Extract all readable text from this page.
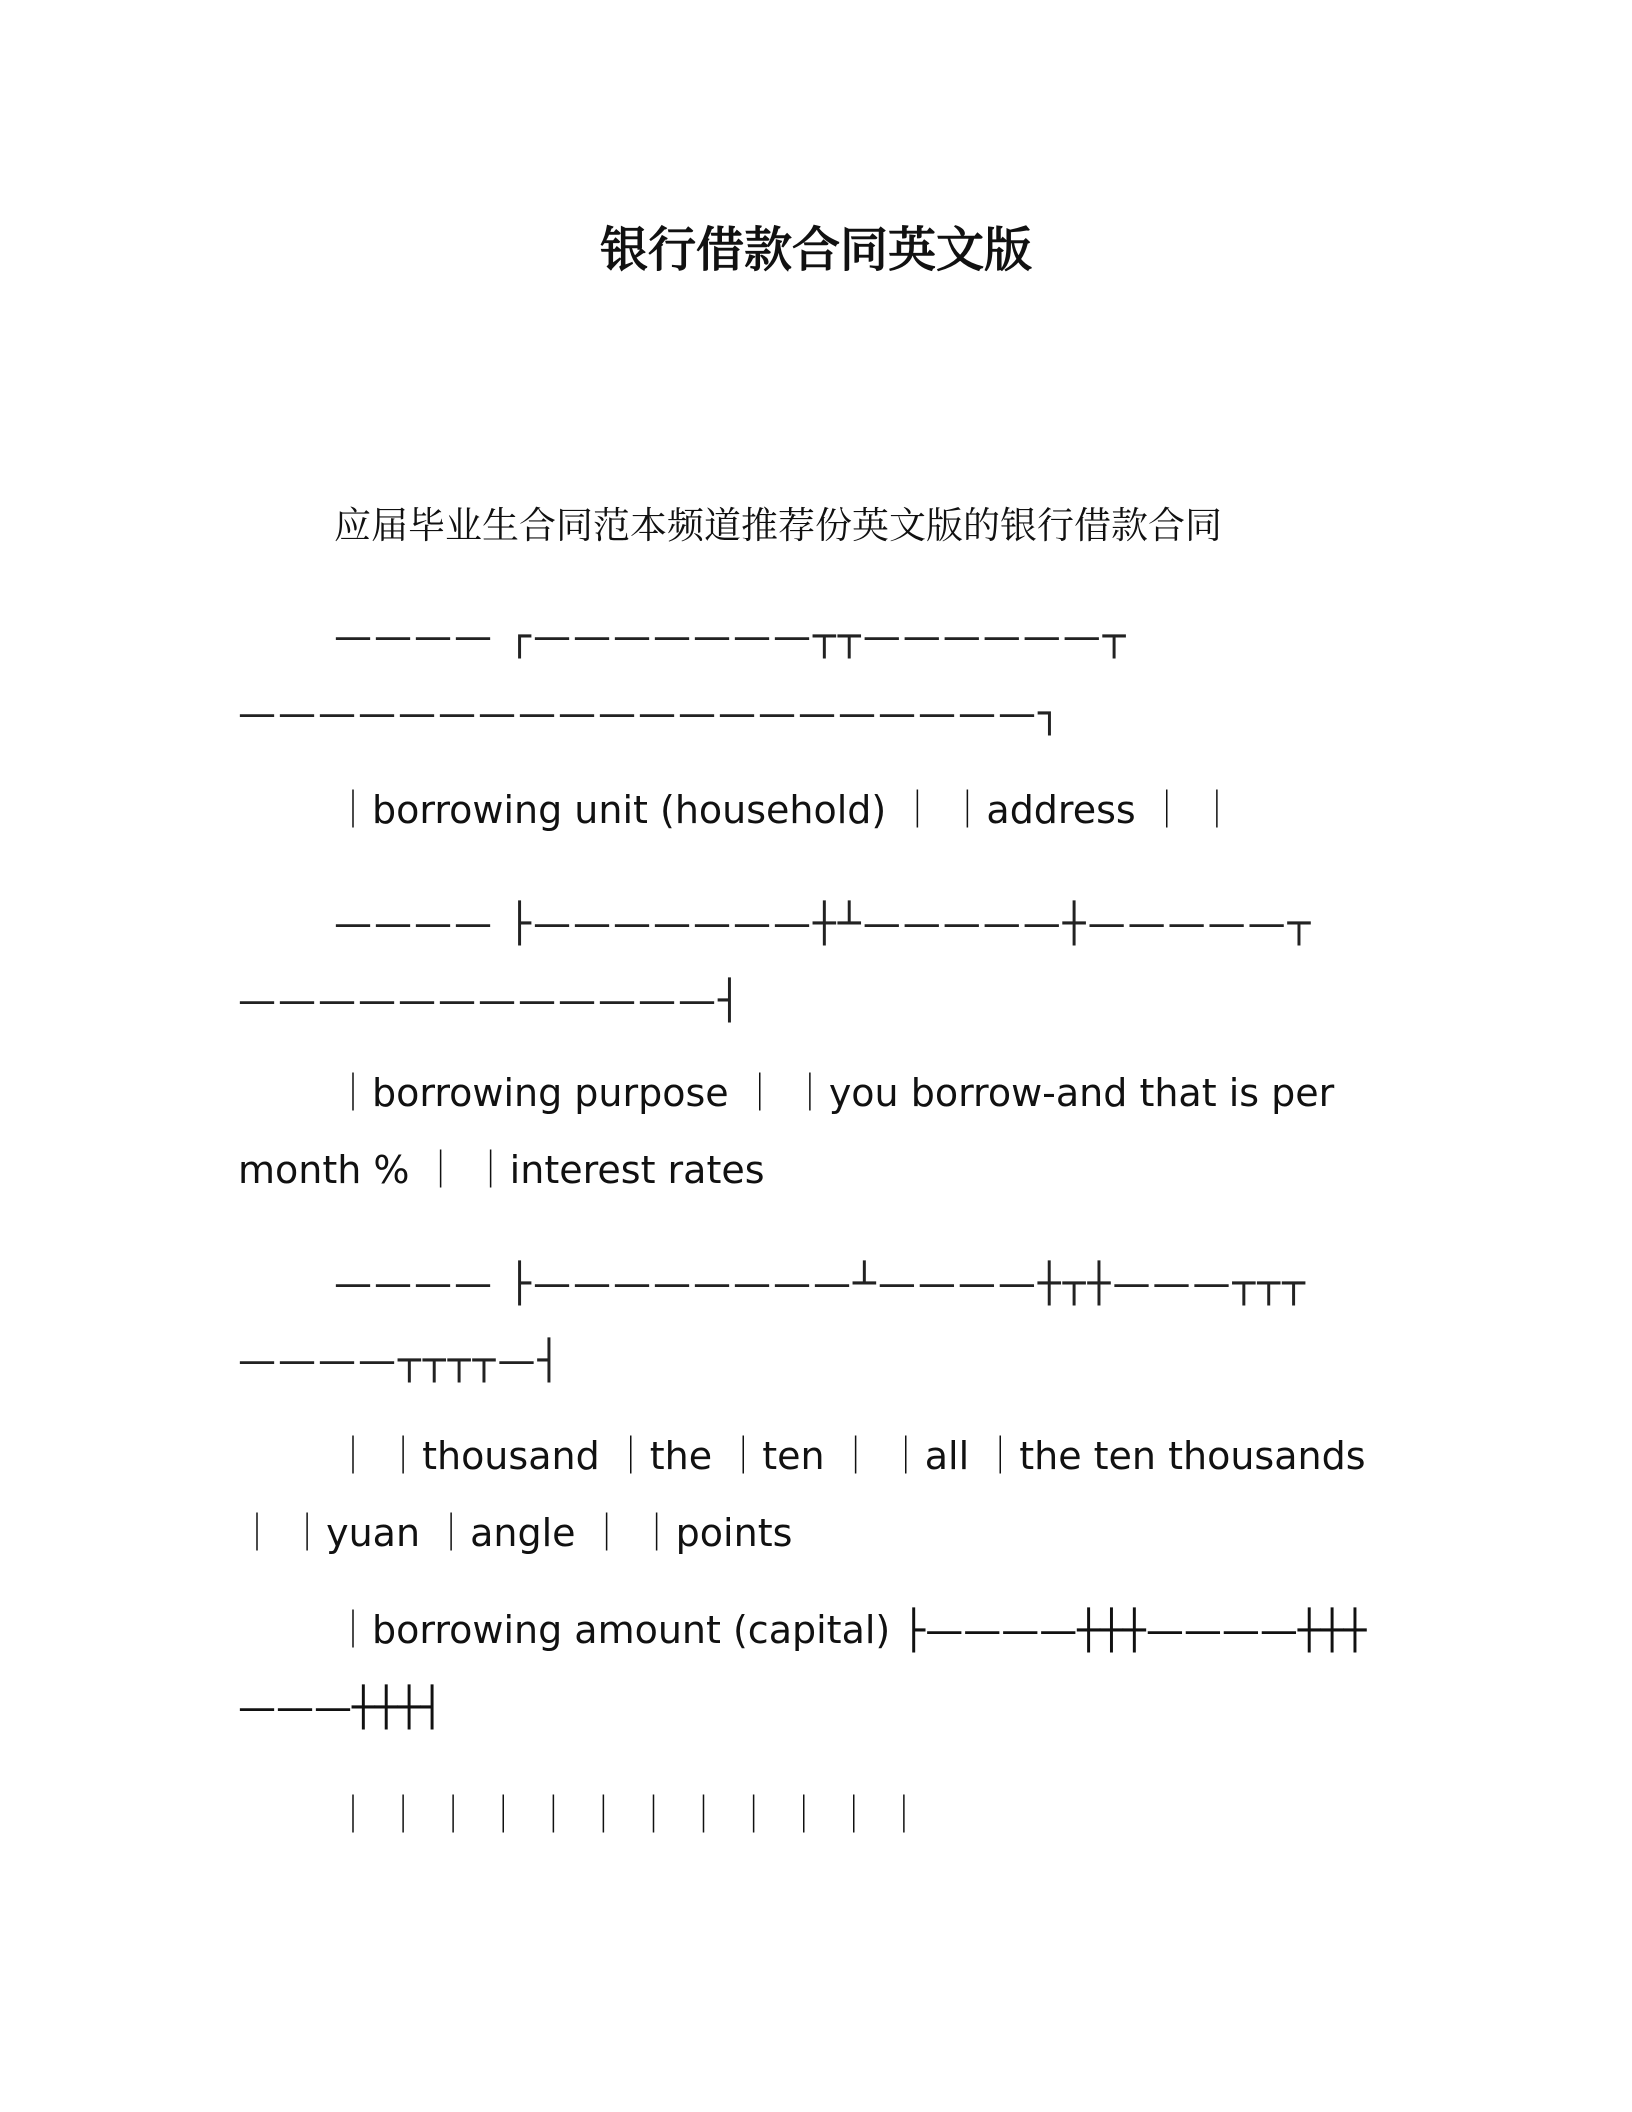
银行借款合同英文版

应届毕业生合同范本频道推荐份英文版的银行借款合同

———— ┌———————┬┬——————┬————————————————————┐

｜borrowing unit (household) ｜ ｜address ｜ ｜

———— ├———————┼┴—————┼—————┬————————————┤

｜borrowing purpose ｜ ｜you borrow-and that is per month % ｜ ｜interest rates

———— ├————————┴————┼┬┼———┬┬┬————┬┬┬┬—┤

｜ ｜thousand ｜the ｜ten ｜ ｜all ｜the ten thousands ｜ ｜yuan ｜angle ｜ ｜points

｜borrowing amount (capital) ├————┼┼┼————┼┼┼———┼┼┼┤

｜ ｜ ｜ ｜ ｜ ｜ ｜ ｜ ｜ ｜ ｜ ｜
